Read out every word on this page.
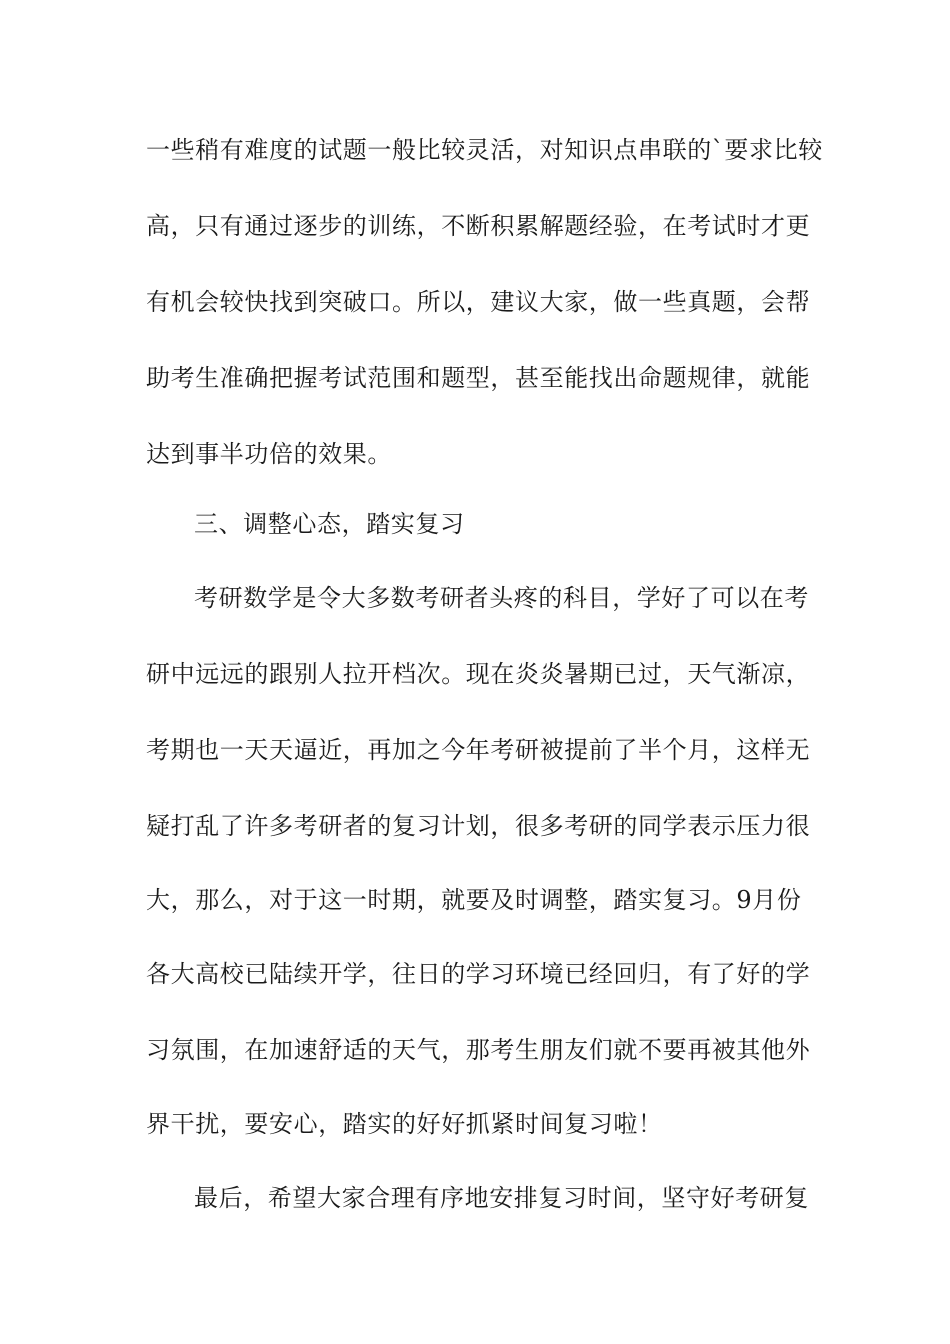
一些稍有难度的试题一般比较灵活，对知识点串联的`要求比较
高，只有通过逐步的训练，不断积累解题经验，在考试时才更
有机会较快找到突破口。所以，建议大家，做一些真题，会帮
助考生准确把握考试范围和题型，甚至能找出命题规律，就能
达到事半功倍的效果。
三、调整心态，踏实复习
考研数学是令大多数考研者头疼的科目，学好了可以在考
研中远远的跟别人拉开档次。现在炎炎暑期已过，天气渐凉，
考期也一天天逼近，再加之今年考研被提前了半个月，这样无
疑打乱了许多考研者的复习计划，很多考研的同学表示压力很
大，那么，对于这一时期，就要及时调整，踏实复习。9月份
各大高校已陆续开学，往日的学习环境已经回归，有了好的学
习氛围，在加速舒适的天气，那考生朋友们就不要再被其他外
界干扰，要安心，踏实的好好抓紧时间复习啦！
最后，希望大家合理有序地安排复习时间，坚守好考研复
